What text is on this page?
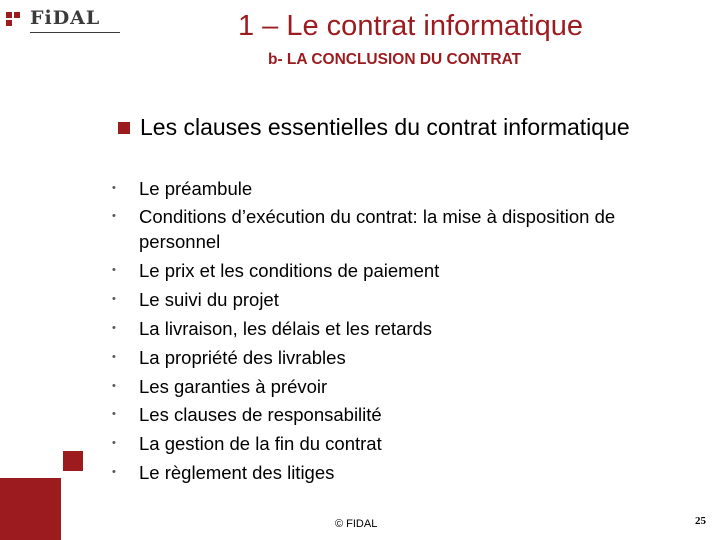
FiDAL	1 – Le contrat informatique
b- LA CONCLUSION DU CONTRAT
Les clauses essentielles du contrat informatique
• Le préambule
• Conditions d’exécution du contrat: la mise à disposition de personnel
• Le prix et les conditions de paiement
• Le suivi du projet
• La livraison, les délais et les retards
• La propriété des livrables
• Les garanties à prévoir
• Les clauses de responsabilité
• La gestion de la fin du contrat
• Le règlement des litiges
© FIDAL	25
